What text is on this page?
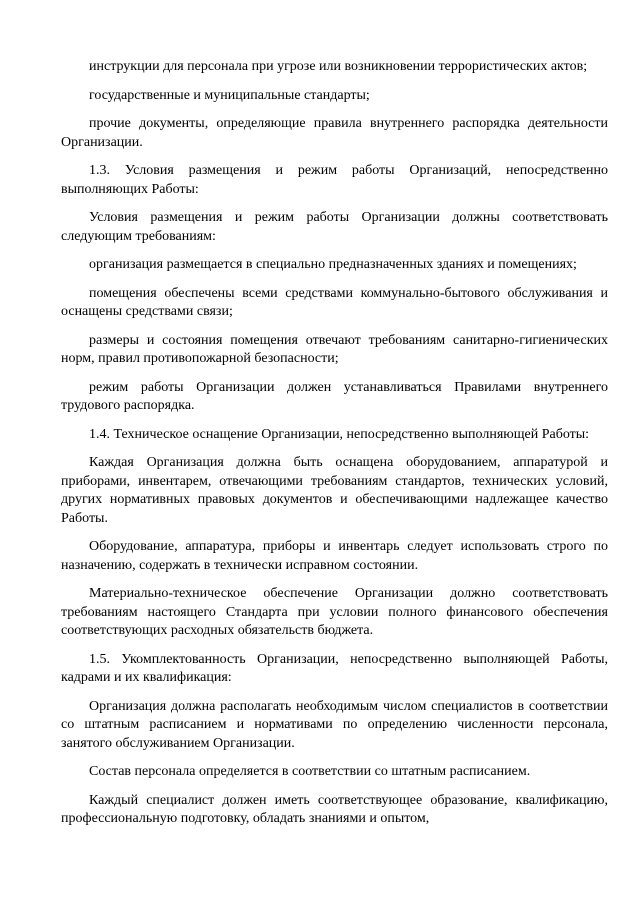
инструкции для персонала при угрозе или возникновении террористических актов;

государственные и муниципальные стандарты;

прочие документы, определяющие правила внутреннего распорядка деятельности Организации.

1.3. Условия размещения и режим работы Организаций, непосредственно выполняющих Работы:

Условия размещения и режим работы Организации должны соответствовать следующим требованиям:

организация размещается в специально предназначенных зданиях и помещениях;

помещения обеспечены всеми средствами коммунально-бытового обслуживания и оснащены средствами связи;

размеры и состояния помещения отвечают требованиям санитарно-гигиенических норм, правил противопожарной безопасности;

режим работы Организации должен устанавливаться Правилами внутреннего трудового распорядка.

1.4. Техническое оснащение Организации, непосредственно выполняющей Работы:

Каждая Организация должна быть оснащена оборудованием, аппаратурой и приборами, инвентарем, отвечающими требованиям стандартов, технических условий, других нормативных правовых документов и обеспечивающими надлежащее качество Работы.

Оборудование, аппаратура, приборы и инвентарь следует использовать строго по назначению, содержать в технически исправном состоянии.

Материально-техническое обеспечение Организации должно соответствовать требованиям настоящего Стандарта при условии полного финансового обеспечения соответствующих расходных обязательств бюджета.

1.5. Укомплектованность Организации, непосредственно выполняющей Работы, кадрами и их квалификация:

Организация должна располагать необходимым числом специалистов в соответствии со штатным расписанием и нормативами по определению численности персонала, занятого обслуживанием Организации.

Состав персонала определяется в соответствии со штатным расписанием.

Каждый специалист должен иметь соответствующее образование, квалификацию, профессиональную подготовку, обладать знаниями и опытом,
